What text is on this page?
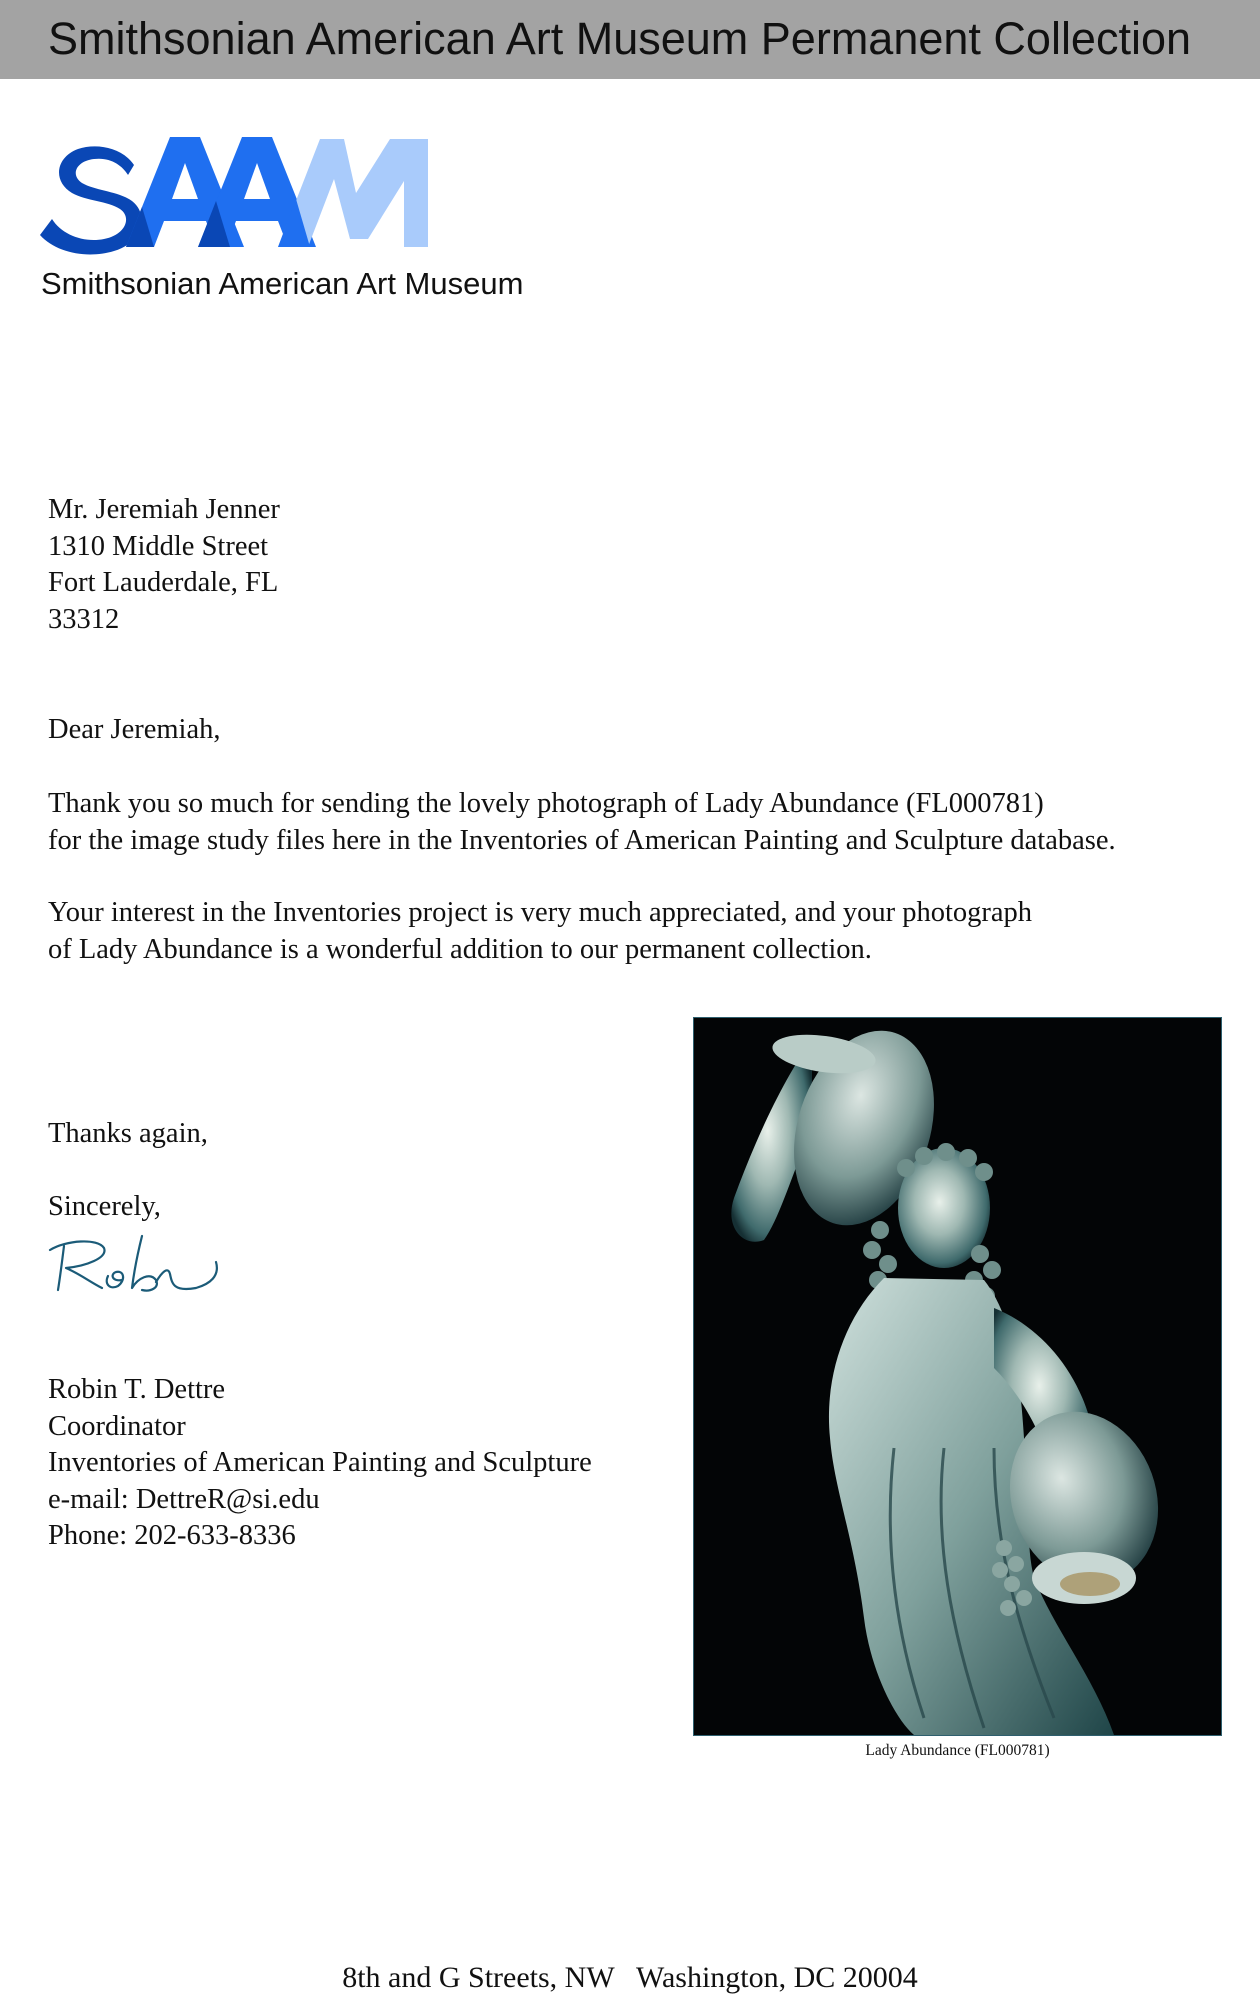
Smithsonian American Art Museum Permanent Collection
Smithsonian American Art Museum
Mr. Jeremiah Jenner
1310 Middle Street
Fort Lauderdale, FL
33312
Dear Jeremiah,
Thank you so much for sending the lovely photograph of Lady Abundance (FL000781)
for the image study files here in the Inventories of American Painting and Sculpture database.
Your interest in the Inventories project is very much appreciated, and your photograph
of Lady Abundance is a wonderful addition to our permanent collection.
Thanks again,
Sincerely,
Robin T. Dettre
Coordinator
Inventories of American Painting and Sculpture
e-mail: DettreR@si.edu
Phone: 202-633-8336
Lady Abundance (FL000781)
8th and G Streets, NW   Washington, DC 20004
